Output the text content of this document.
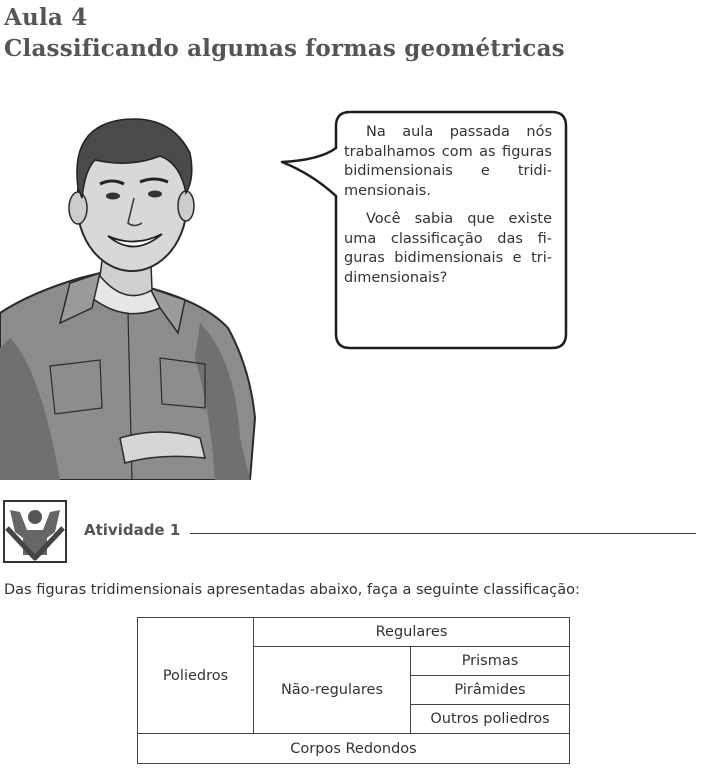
Aula 4
Classificando algumas formas geométricas

Na aula passada nós trabalhamos com as figuras bidimensionais e tridimensionais.

Você sabia que existe uma classificação das figuras bidimensionais e tridimensionais?

Atividade 1

Das figuras tridimensionais apresentadas abaixo, faça a seguinte classificação:

Poliedros	Regulares	
	Não-regulares	Prismas
		Pirâmides
		Outros poliedros
Corpos Redondos		
